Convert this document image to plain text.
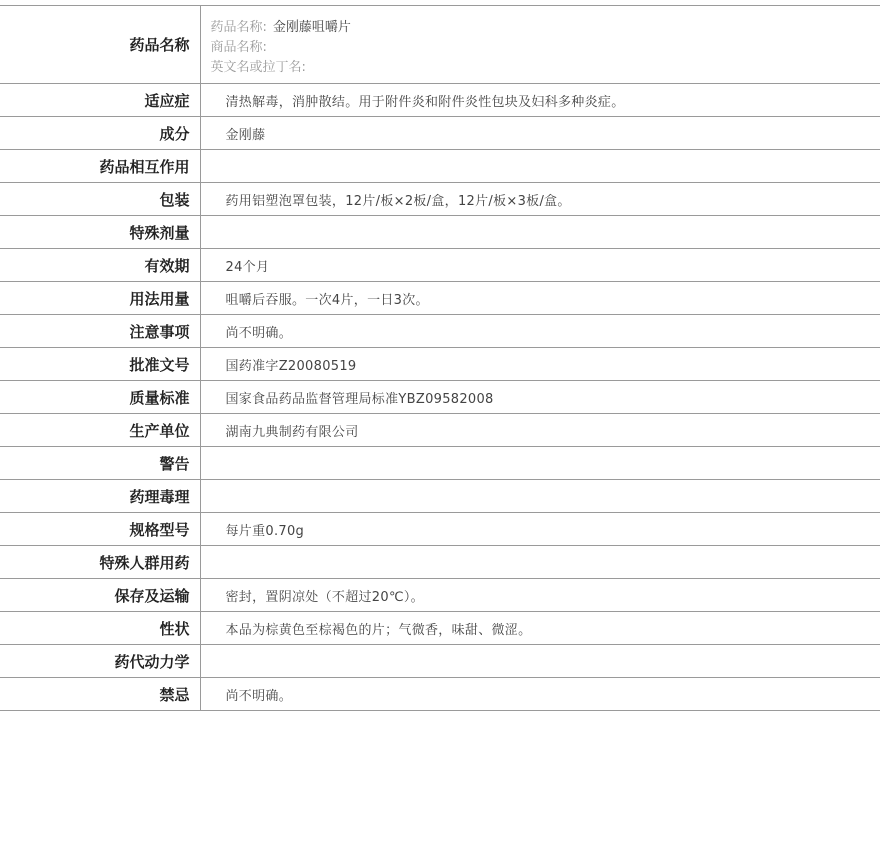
药品名称	药品名称: 金刚藤咀嚼片
商品名称:
英文名或拉丁名:

适应症	清热解毒，消肿散结。用于附件炎和附件炎性包块及妇科多种炎症。
成分	金刚藤
药品相互作用	
包装	药用铝塑泡罩包装，12片/板×2板/盒，12片/板×3板/盒。
特殊剂量	
有效期	24个月
用法用量	咀嚼后吞服。一次4片，一日3次。
注意事项	尚不明确。
批准文号	国药准字Z20080519
质量标准	国家食品药品监督管理局标准YBZ09582008
生产单位	湖南九典制药有限公司
警告	
药理毒理	
规格型号	每片重0.70g
特殊人群用药	
保存及运输	密封，置阴凉处（不超过20℃）。
性状	本品为棕黄色至棕褐色的片；气微香，味甜、微涩。
药代动力学	
禁忌	尚不明确。
